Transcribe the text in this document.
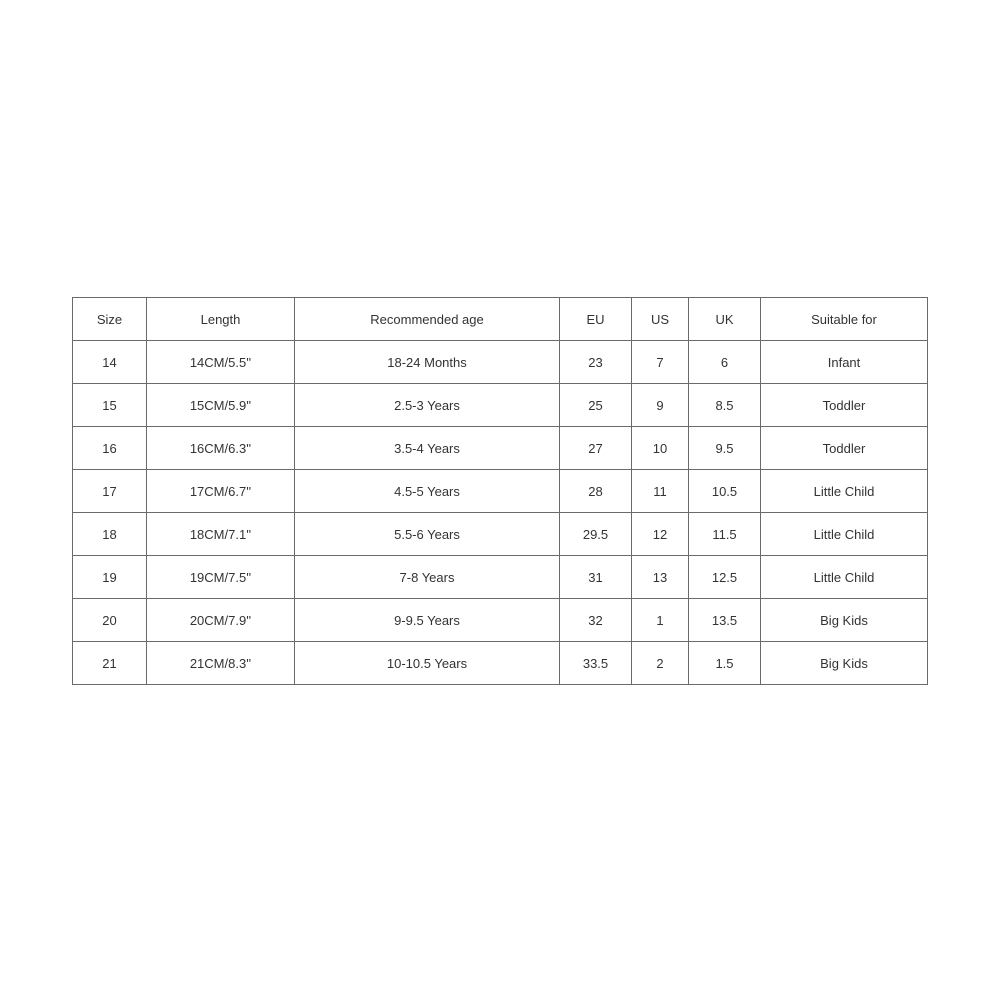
Size	Length	Recommended age	EU	US	UK	Suitable for
14	14CM/5.5''	18-24 Months	23	7	6	Infant
15	15CM/5.9''	2.5-3 Years	25	9	8.5	Toddler
16	16CM/6.3''	3.5-4 Years	27	10	9.5	Toddler
17	17CM/6.7''	4.5-5 Years	28	11	10.5	Little Child
18	18CM/7.1''	5.5-6 Years	29.5	12	11.5	Little Child
19	19CM/7.5''	7-8 Years	31	13	12.5	Little Child
20	20CM/7.9''	9-9.5 Years	32	1	13.5	Big Kids
21	21CM/8.3''	10-10.5 Years	33.5	2	1.5	Big Kids
